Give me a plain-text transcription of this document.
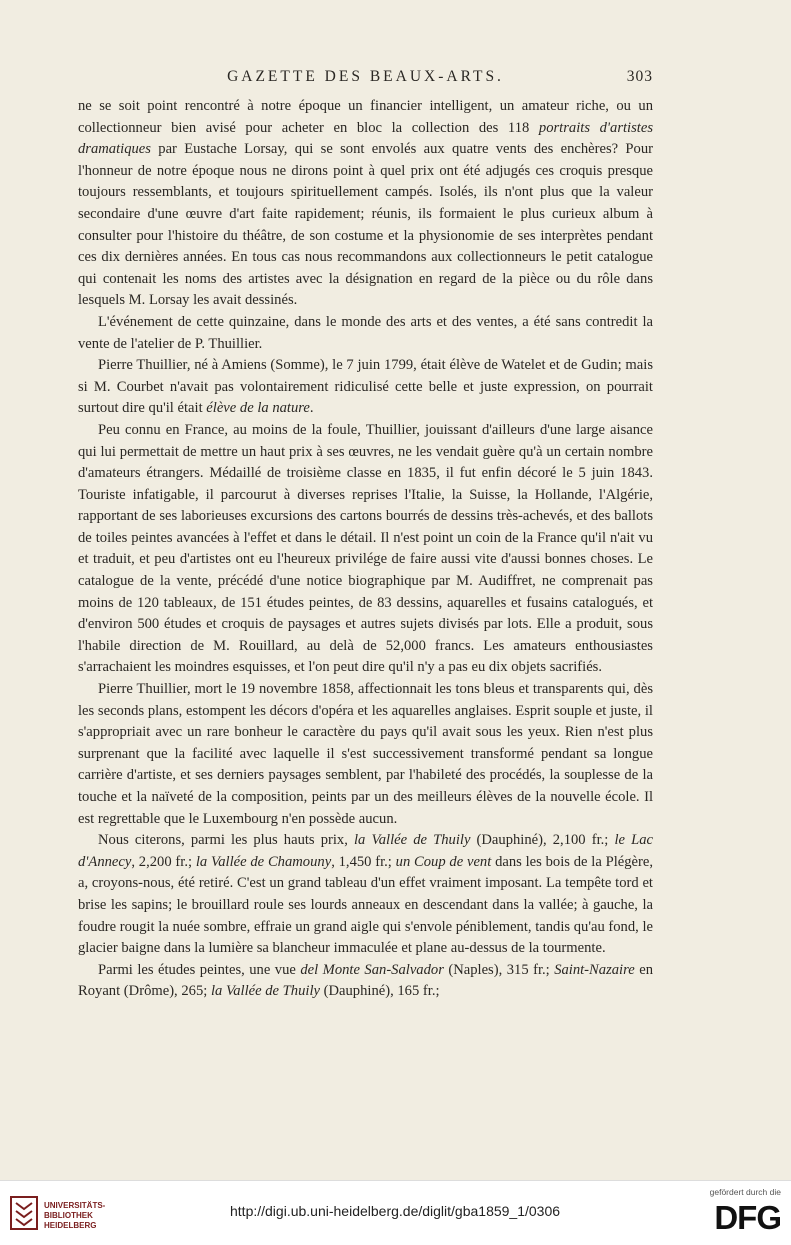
GAZETTE DES BEAUX-ARTS.	303

ne se soit point rencontré à notre époque un financier intelligent, un amateur riche, ou un collectionneur bien avisé pour acheter en bloc la collection des 118 portraits d'artistes dramatiques par Eustache Lorsay, qui se sont envolés aux quatre vents des enchères? Pour l'honneur de notre époque nous ne dirons point à quel prix ont été adjugés ces croquis presque toujours ressemblants, et toujours spirituellement campés. Isolés, ils n'ont plus que la valeur secondaire d'une œuvre d'art faite rapidement; réunis, ils formaient le plus curieux album à consulter pour l'histoire du théâtre, de son costume et la physionomie de ses interprètes pendant ces dix dernières années. En tous cas nous recommandons aux collectionneurs le petit catalogue qui contenait les noms des artistes avec la désignation en regard de la pièce ou du rôle dans lesquels M. Lorsay les avait dessinés.

L'événement de cette quinzaine, dans le monde des arts et des ventes, a été sans contredit la vente de l'atelier de P. Thuillier.

Pierre Thuillier, né à Amiens (Somme), le 7 juin 1799, était élève de Watelet et de Gudin; mais si M. Courbet n'avait pas volontairement ridiculisé cette belle et juste expression, on pourrait surtout dire qu'il était élève de la nature.

Peu connu en France, au moins de la foule, Thuillier, jouissant d'ailleurs d'une large aisance qui lui permettait de mettre un haut prix à ses œuvres, ne les vendait guère qu'à un certain nombre d'amateurs étrangers. Médaillé de troisième classe en 1835, il fut enfin décoré le 5 juin 1843. Touriste infatigable, il parcourut à diverses reprises l'Italie, la Suisse, la Hollande, l'Algérie, rapportant de ses laborieuses excursions des cartons bourrés de dessins très-achevés, et des ballots de toiles peintes avancées à l'effet et dans le détail. Il n'est point un coin de la France qu'il n'ait vu et traduit, et peu d'artistes ont eu l'heureux privilége de faire aussi vite d'aussi bonnes choses. Le catalogue de la vente, précédé d'une notice biographique par M. Audiffret, ne comprenait pas moins de 120 tableaux, de 151 études peintes, de 83 dessins, aquarelles et fusains catalogués, et d'environ 500 études et croquis de paysages et autres sujets divisés par lots. Elle a produit, sous l'habile direction de M. Rouillard, au delà de 52,000 francs. Les amateurs enthousiastes s'arrachaient les moindres esquisses, et l'on peut dire qu'il n'y a pas eu dix objets sacrifiés.

Pierre Thuillier, mort le 19 novembre 1858, affectionnait les tons bleus et transparents qui, dès les seconds plans, estompent les décors d'opéra et les aquarelles anglaises. Esprit souple et juste, il s'appropriait avec un rare bonheur le caractère du pays qu'il avait sous les yeux. Rien n'est plus surprenant que la facilité avec laquelle il s'est successivement transformé pendant sa longue carrière d'artiste, et ses derniers paysages semblent, par l'habileté des procédés, la souplesse de la touche et la naïveté de la composition, peints par un des meilleurs élèves de la nouvelle école. Il est regrettable que le Luxembourg n'en possède aucun.

Nous citerons, parmi les plus hauts prix, la Vallée de Thuily (Dauphiné), 2,100 fr.; le Lac d'Annecy, 2,200 fr.; la Vallée de Chamouny, 1,450 fr.; un Coup de vent dans les bois de la Plégère, a, croyons-nous, été retiré. C'est un grand tableau d'un effet vraiment imposant. La tempête tord et brise les sapins; le brouillard roule ses lourds anneaux en descendant dans la vallée; à gauche, la foudre rougit la nuée sombre, effraie un grand aigle qui s'envole péniblement, tandis qu'au fond, le glacier baigne dans la lumière sa blancheur immaculée et plane au-dessus de la tourmente.

Parmi les études peintes, une vue del Monte San-Salvador (Naples), 315 fr.; Saint-Nazaire en Royant (Drôme), 265; la Vallée de Thuily (Dauphiné), 165 fr.;

UNIVERSITÄTS-
BIBLIOTHEK
HEIDELBERG
http://digi.ub.uni-heidelberg.de/diglit/gba1859_1/0306
gefördert durch die
DFG
